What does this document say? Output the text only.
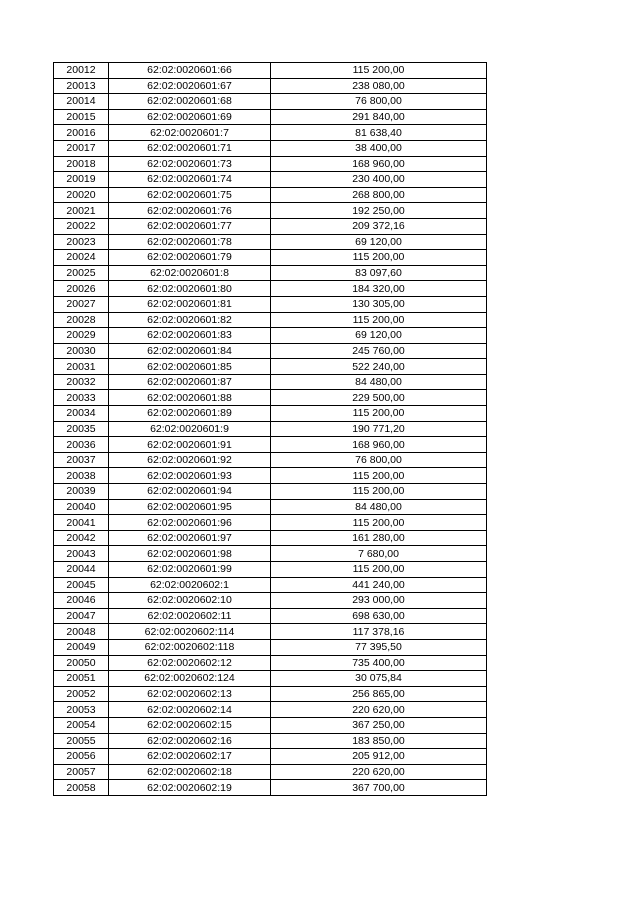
20012	62:02:0020601:66	115 200,00
20013	62:02:0020601:67	238 080,00
20014	62:02:0020601:68	76 800,00
20015	62:02:0020601:69	291 840,00
20016	62:02:0020601:7	81 638,40
20017	62:02:0020601:71	38 400,00
20018	62:02:0020601:73	168 960,00
20019	62:02:0020601:74	230 400,00
20020	62:02:0020601:75	268 800,00
20021	62:02:0020601:76	192 250,00
20022	62:02:0020601:77	209 372,16
20023	62:02:0020601:78	69 120,00
20024	62:02:0020601:79	115 200,00
20025	62:02:0020601:8	83 097,60
20026	62:02:0020601:80	184 320,00
20027	62:02:0020601:81	130 305,00
20028	62:02:0020601:82	115 200,00
20029	62:02:0020601:83	69 120,00
20030	62:02:0020601:84	245 760,00
20031	62:02:0020601:85	522 240,00
20032	62:02:0020601:87	84 480,00
20033	62:02:0020601:88	229 500,00
20034	62:02:0020601:89	115 200,00
20035	62:02:0020601:9	190 771,20
20036	62:02:0020601:91	168 960,00
20037	62:02:0020601:92	76 800,00
20038	62:02:0020601:93	115 200,00
20039	62:02:0020601:94	115 200,00
20040	62:02:0020601:95	84 480,00
20041	62:02:0020601:96	115 200,00
20042	62:02:0020601:97	161 280,00
20043	62:02:0020601:98	7 680,00
20044	62:02:0020601:99	115 200,00
20045	62:02:0020602:1	441 240,00
20046	62:02:0020602:10	293 000,00
20047	62:02:0020602:11	698 630,00
20048	62:02:0020602:114	117 378,16
20049	62:02:0020602:118	77 395,50
20050	62:02:0020602:12	735 400,00
20051	62:02:0020602:124	30 075,84
20052	62:02:0020602:13	256 865,00
20053	62:02:0020602:14	220 620,00
20054	62:02:0020602:15	367 250,00
20055	62:02:0020602:16	183 850,00
20056	62:02:0020602:17	205 912,00
20057	62:02:0020602:18	220 620,00
20058	62:02:0020602:19	367 700,00
